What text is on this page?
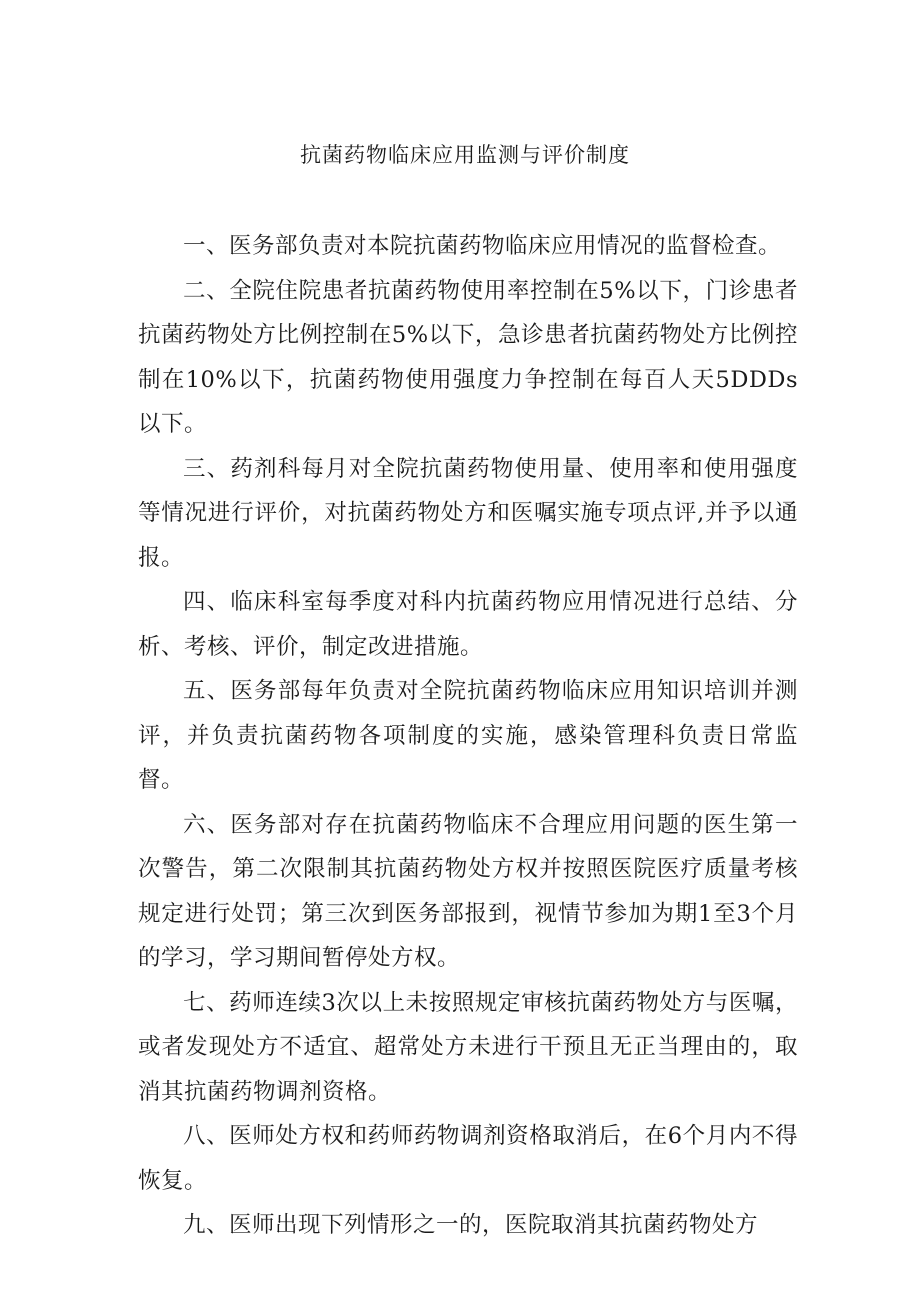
抗菌药物临床应用监测与评价制度

一、医务部负责对本院抗菌药物临床应用情况的监督检查。

二、全院住院患者抗菌药物使用率控制在5%以下，门诊患者抗菌药物处方比例控制在5%以下，急诊患者抗菌药物处方比例控制在10%以下，抗菌药物使用强度力争控制在每百人天5DDDs以下。

三、药剂科每月对全院抗菌药物使用量、使用率和使用强度等情况进行评价，对抗菌药物处方和医嘱实施专项点评,并予以通报。

四、临床科室每季度对科内抗菌药物应用情况进行总结、分析、考核、评价，制定改进措施。

五、医务部每年负责对全院抗菌药物临床应用知识培训并测评，并负责抗菌药物各项制度的实施，感染管理科负责日常监督。

六、医务部对存在抗菌药物临床不合理应用问题的医生第一次警告，第二次限制其抗菌药物处方权并按照医院医疗质量考核规定进行处罚；第三次到医务部报到，视情节参加为期1至3个月的学习，学习期间暂停处方权。

七、药师连续3次以上未按照规定审核抗菌药物处方与医嘱，或者发现处方不适宜、超常处方未进行干预且无正当理由的，取消其抗菌药物调剂资格。

八、医师处方权和药师药物调剂资格取消后，在6个月内不得恢复。

九、医师出现下列情形之一的，医院取消其抗菌药物处方
